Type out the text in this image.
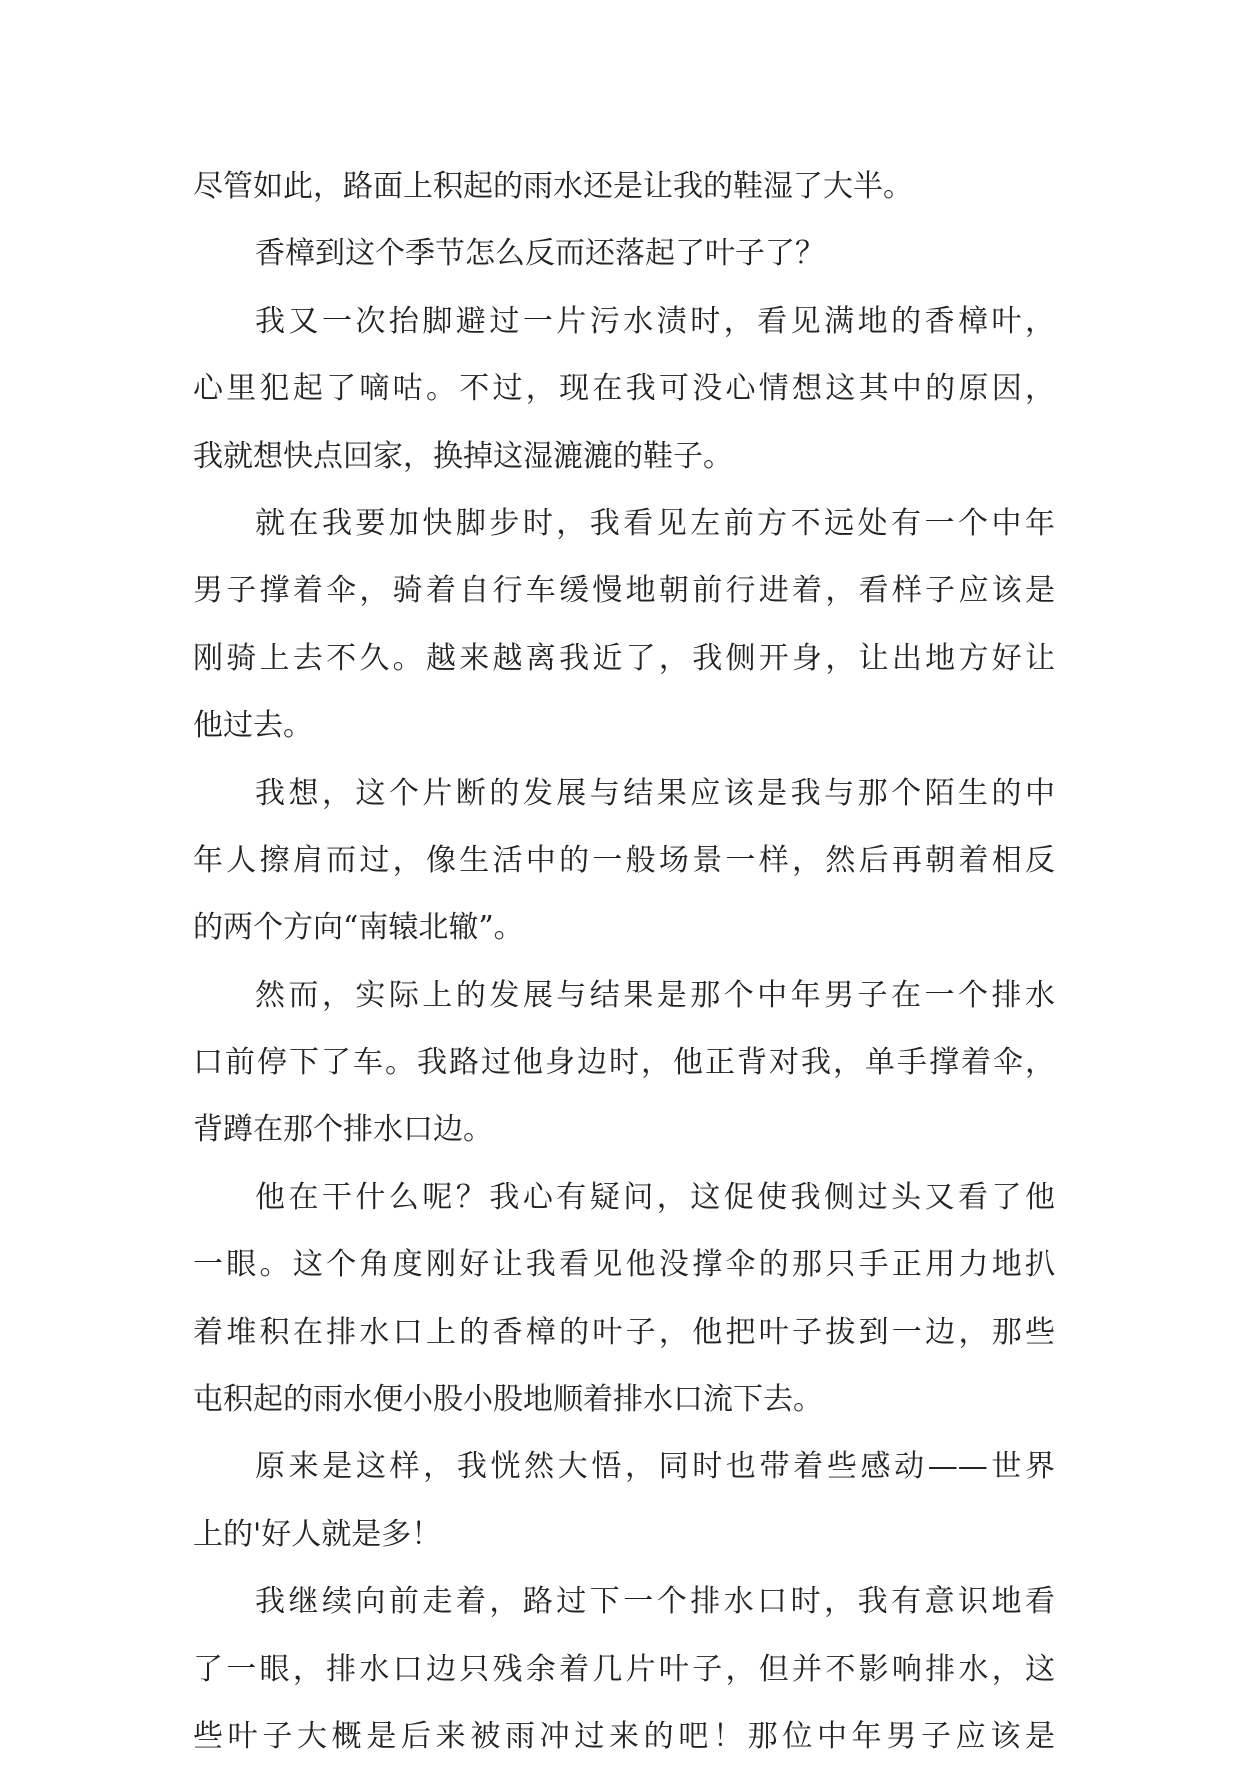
尽管如此，路面上积起的雨水还是让我的鞋湿了大半。
香樟到这个季节怎么反而还落起了叶子了？
我又一次抬脚避过一片污水渍时，看见满地的香樟叶，
心里犯起了嘀咕。不过，现在我可没心情想这其中的原因，
我就想快点回家，换掉这湿漉漉的鞋子。
就在我要加快脚步时，我看见左前方不远处有一个中年
男子撑着伞，骑着自行车缓慢地朝前行进着，看样子应该是
刚骑上去不久。越来越离我近了，我侧开身，让出地方好让
他过去。
我想，这个片断的发展与结果应该是我与那个陌生的中
年人擦肩而过，像生活中的一般场景一样，然后再朝着相反
的两个方向“南辕北辙”。
然而，实际上的发展与结果是那个中年男子在一个排水
口前停下了车。我路过他身边时，他正背对我，单手撑着伞，
背蹲在那个排水口边。
他在干什么呢？我心有疑问，这促使我侧过头又看了他
一眼。这个角度刚好让我看见他没撑伞的那只手正用力地扒
着堆积在排水口上的香樟的叶子，他把叶子拔到一边，那些
屯积起的雨水便小股小股地顺着排水口流下去。
原来是这样，我恍然大悟，同时也带着些感动——世界
上的'好人就是多！
我继续向前走着，路过下一个排水口时，我有意识地看
了一眼，排水口边只残余着几片叶子，但并不影响排水，这
些叶子大概是后来被雨冲过来的吧！那位中年男子应该是
